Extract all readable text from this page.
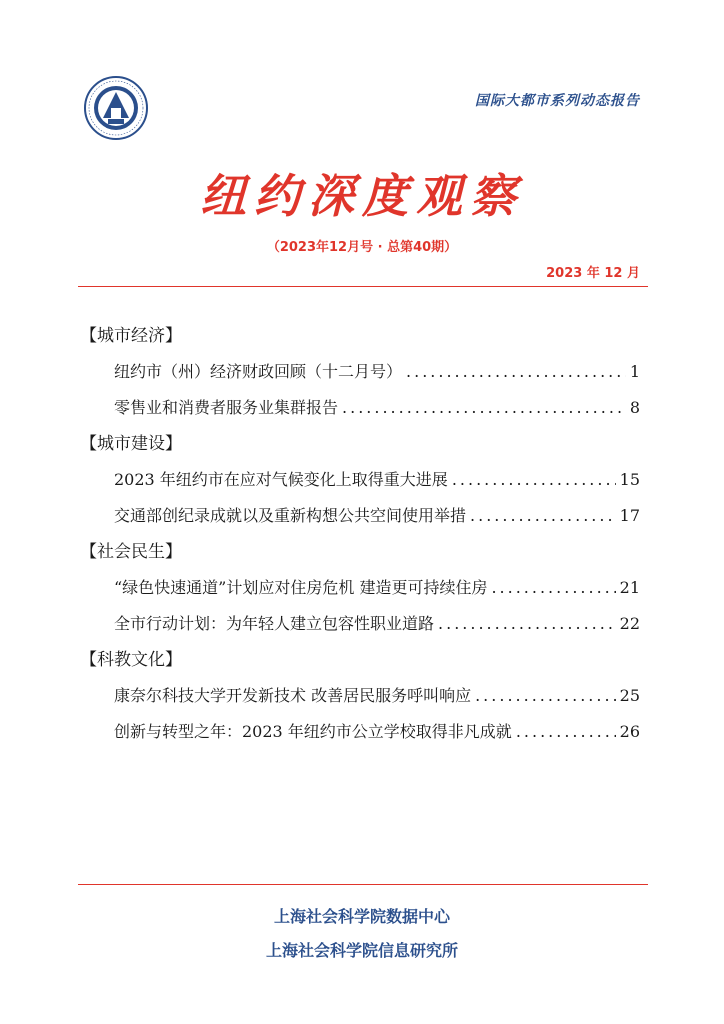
国际大都市系列动态报告
纽约深度观察
（2023年12月号 · 总第40期）
2023 年 12 月
【城市经济】
纽约市（州）经济财政回顾（十二月号） .....	1
零售业和消费者服务业集群报告 .....	8
【城市建设】
2023 年纽约市在应对气候变化上取得重大进展 .....	15
交通部创纪录成就以及重新构想公共空间使用举措 .....	17
【社会民生】
“绿色快速通道”计划应对住房危机 建造更可持续住房 .....	21
全市行动计划：为年轻人建立包容性职业道路 .....	22
【科教文化】
康奈尔科技大学开发新技术 改善居民服务呼叫响应 .....	25
创新与转型之年：2023 年纽约市公立学校取得非凡成就 .....	26
上海社会科学院数据中心
上海社会科学院信息研究所
